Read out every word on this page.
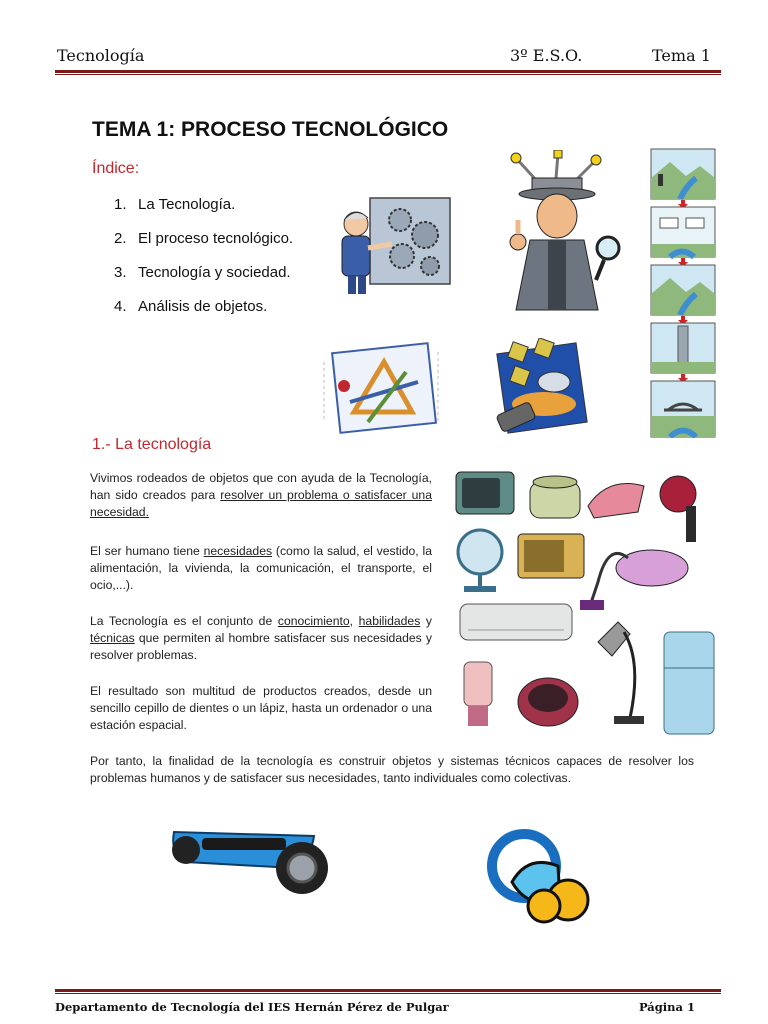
Tecnología	3º E.S.O.	Tema 1
TEMA 1: PROCESO TECNOLÓGICO
Índice:
1. La Tecnología.
2. El proceso tecnológico.
3. Tecnología y sociedad.
4. Análisis de objetos.
1.- La tecnología
Vivimos rodeados de objetos que con ayuda de la Tecnología, han sido creados para resolver un problema o satisfacer una necesidad.
El ser humano tiene necesidades (como la salud, el vestido, la alimentación, la vivienda, la comunicación, el transporte, el ocio,...).
La Tecnología es el conjunto de conocimiento, habilidades y técnicas que permiten al hombre satisfacer sus necesidades y resolver problemas.
El resultado son multitud de productos creados, desde un sencillo cepillo de dientes o un lápiz, hasta un ordenador o una estación espacial.
Por tanto, la finalidad de la tecnología es construir objetos y sistemas técnicos capaces de resolver los problemas humanos y de satisfacer sus necesidades, tanto individuales como colectivas.
Departamento de Tecnología del IES Hernán Pérez de Pulgar	Página 1
